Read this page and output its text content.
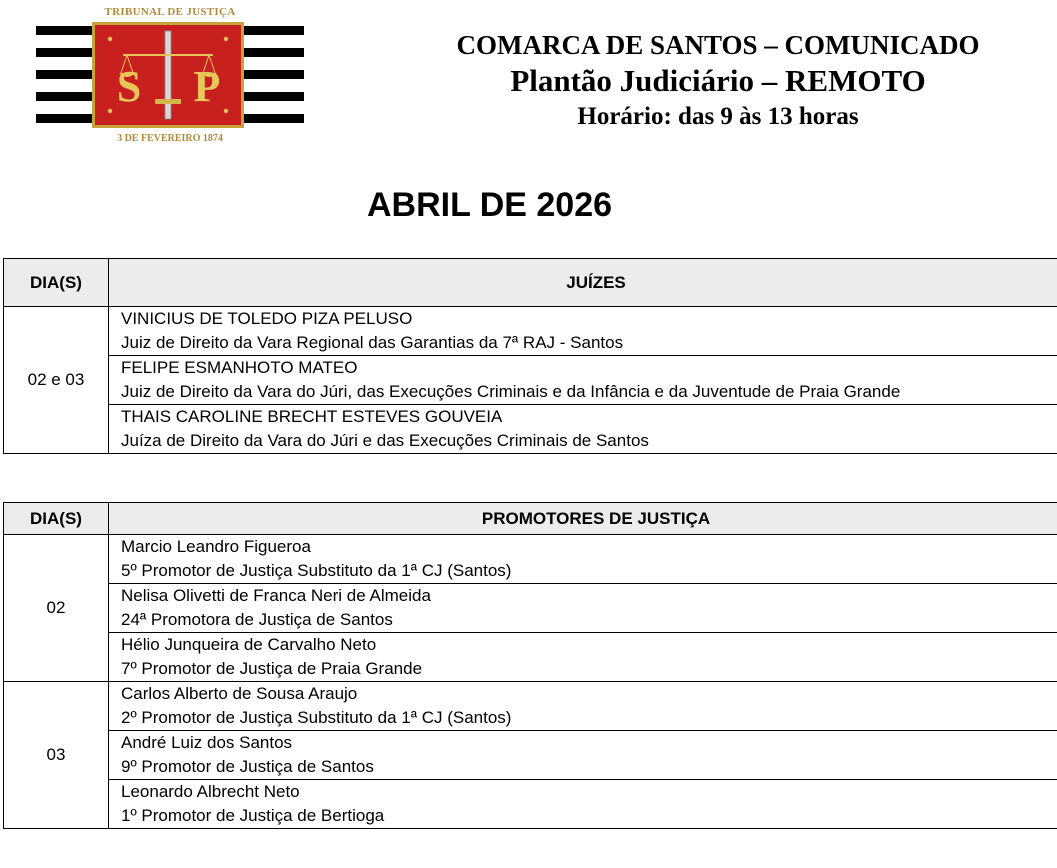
TRIBUNAL DE JUSTIÇA
S P
3 DE FEVEREIRO 1874
COMARCA DE SANTOS – COMUNICADO
Plantão Judiciário – REMOTO
Horário: das 9 às 13 horas
ABRIL DE 2026
DIA(S)	JUÍZES
02 e 03	VINICIUS DE TOLEDO PIZA PELUSO
Juiz de Direito da Vara Regional das Garantias da 7ª RAJ - Santos

	FELIPE ESMANHOTO MATEO
Juiz de Direito da Vara do Júri, das Execuções Criminais e da Infância e da Juventude de Praia Grande

	THAIS CAROLINE BRECHT ESTEVES GOUVEIA
Juíza de Direito da Vara do Júri e das Execuções Criminais de Santos
DIA(S)	PROMOTORES DE JUSTIÇA
02	Marcio Leandro Figueroa
5º Promotor de Justiça Substituto da 1ª CJ (Santos)

	Nelisa Olivetti de Franca Neri de Almeida
24ª Promotora de Justiça de Santos

	Hélio Junqueira de Carvalho Neto
7º Promotor de Justiça de Praia Grande

03	Carlos Alberto de Sousa Araujo
2º Promotor de Justiça Substituto da 1ª CJ (Santos)

	André Luiz dos Santos
9º Promotor de Justiça de Santos

	Leonardo Albrecht Neto
1º Promotor de Justiça de Bertioga
